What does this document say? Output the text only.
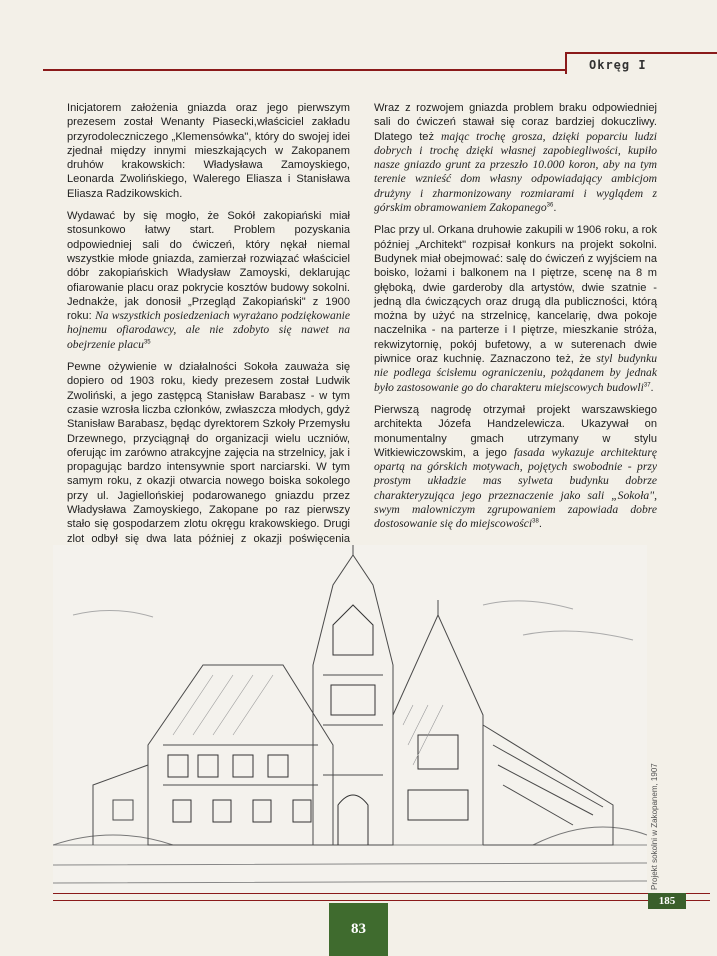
Okręg I

Inicjatorem założenia gniazda oraz jego pierwszym prezesem został Wenanty Piasecki,właściciel zakładu przyrodoleczniczego „Klemensówka", który do swojej idei zjednał między innymi mieszkających w Zakopanem druhów krakowskich: Władysława Zamoyskiego, Leonarda Zwolińskiego, Walerego Eliasza i Stanisława Eliasza Radzikowskich.

Wydawać by się mogło, że Sokół zakopiański miał stosunkowo łatwy start. Problem pozyskania odpowiedniej sali do ćwiczeń, który nękał niemal wszystkie młode gniazda, zamierzał rozwiązać właściciel dóbr zakopiańskich Władysław Zamoyski, deklarując ofiarowanie placu oraz pokrycie kosztów budowy sokolni. Jednakże, jak donosił „Przegląd Zakopiański" z 1900 roku: Na wszystkich posiedzeniach wyrażano podziękowanie hojnemu ofiarodawcy, ale nie zdobyto się nawet na obejrzenie placu$^{35}$

Pewne ożywienie w działalności Sokoła zauważa się dopiero od 1903 roku, kiedy prezesem został Ludwik Zwoliński, a jego zastępcą Stanisław Barabasz - w tym czasie wzrosła liczba członków, zwłaszcza młodych, gdyż Stanisław Barabasz, będąc dyrektorem Szkoły Przemysłu Drzewnego, przyciągnął do organizacji wielu uczniów, oferując im zarówno atrakcyjne zajęcia na strzelnicy, jak i propagując bardzo intensywnie sport narciarski. W tym samym roku, z okazji otwarcia nowego boiska sokolego przy ul. Jagiellońskiej podarowanego gniazdu przez Władysława Zamoyskiego, Zakopane po raz pierwszy stało się gospodarzem zlotu okręgu krakowskiego. Drugi zlot odbył się dwa lata później z okazji poświęcenia

Wraz z rozwojem gniazda problem braku odpowiedniej sali do ćwiczeń stawał się coraz bardziej dokuczliwy. Dlatego też mając trochę grosza, dzięki poparciu ludzi dobrych i trochę dzięki własnej zapobiegliwości, kupiło nasze gniazdo grunt za przeszło 10.000 koron, aby na tym terenie wznieść dom własny odpowiadający ambicjom drużyny i zharmonizowany rozmiarami i wyglądem z górskim obramowaniem Zakopanego$^{36}$.

Plac przy ul. Orkana druhowie zakupili w 1906 roku, a rok później „Architekt" rozpisał konkurs na projekt sokolni. Budynek miał obejmować: salę do ćwiczeń z wyjściem na boisko, lożami i balkonem na I piętrze, scenę na 8 m głęboką, dwie garderoby dla artystów, dwie szatnie - jedną dla ćwiczących oraz drugą dla publiczności, którą można by użyć na strzelnicę, kancelarię, dwa pokoje naczelnika - na parterze i I piętrze, mieszkanie stróża, rekwizytornię, pokój bufetowy, a w suterenach dwie piwnice oraz kuchnię. Zaznaczono też, że styl budynku nie podlega ścisłemu ograniczeniu, pożądanem by jednak było zastosowanie go do charakteru miejscowych budowli$^{37}$.

Pierwszą nagrodę otrzymał projekt warszawskiego architekta Józefa Handzelewicza. Ukazywał on monumentalny gmach utrzymany w stylu Witkiewiczowskim, a jego fasada wykazuje architekturę opartą na górskich motywach, pojętych swobodnie - przy prostym układzie mas sylweta budynku dobrze charakteryzująca jego przeznaczenie jako sali „Sokoła", swym malowniczym zgrupowaniem zapowiada dobre dostosowanie się do miejscowości$^{38}$.

Projekt sokolni w Zakopanem, 1907
185
83
